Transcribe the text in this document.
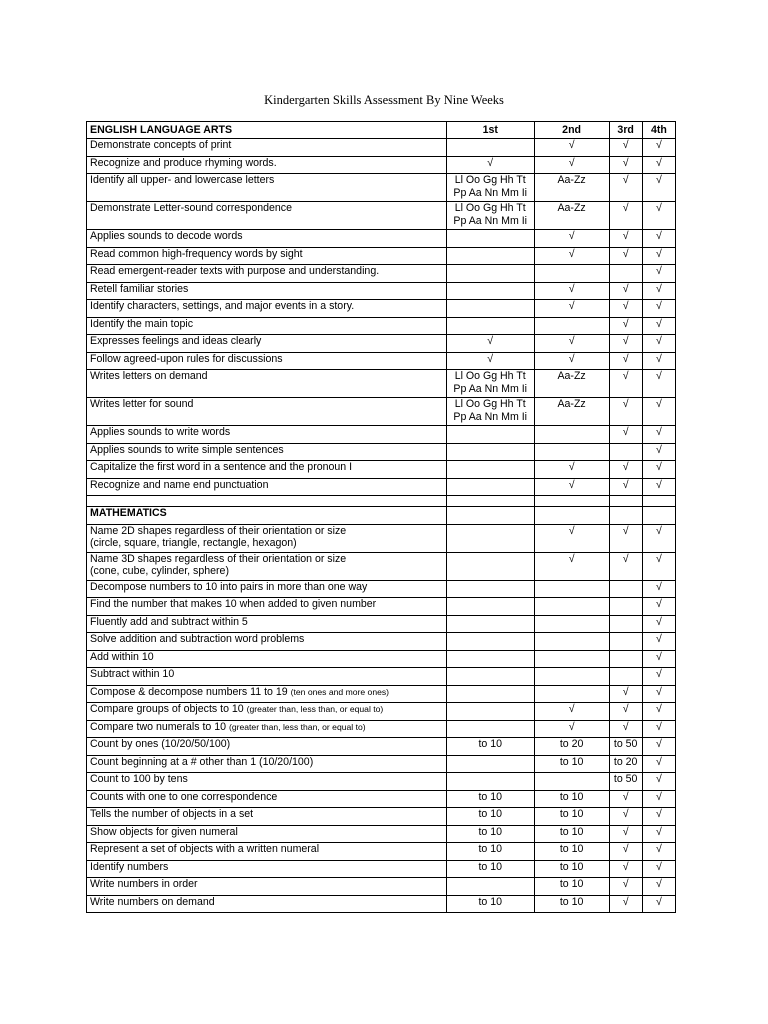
Kindergarten Skills Assessment By Nine Weeks
ENGLISH LANGUAGE ARTS	1st	2nd	3rd	4th
Demonstrate concepts of print		√	√	√

Recognize and produce rhyming words.	√	√	√	√

Identify all upper- and lowercase letters	Ll Oo Gg Hh Tt
Pp Aa Nn Mm Ii	Aa-Zz	√	√

Demonstrate Letter-sound correspondence	Ll Oo Gg Hh Tt
Pp Aa Nn Mm Ii	Aa-Zz	√	√

Applies sounds to decode words		√	√	√

Read common high-frequency words by sight		√	√	√

Read emergent-reader texts with purpose and understanding.				√

Retell familiar stories		√	√	√

Identify characters, settings, and major events in a story.		√	√	√

Identify the main topic			√	√

Expresses feelings and ideas clearly	√	√	√	√

Follow agreed-upon rules for discussions	√	√	√	√

Writes letters on demand	Ll Oo Gg Hh Tt
Pp Aa Nn Mm Ii	Aa-Zz	√	√

Writes letter for sound	Ll Oo Gg Hh Tt
Pp Aa Nn Mm Ii	Aa-Zz	√	√

Applies sounds to write words			√	√

Applies sounds to write simple sentences				√

Capitalize the first word in a sentence and the pronoun I		√	√	√

Recognize and name end punctuation		√	√	√

MATHEMATICS				

Name 2D shapes regardless of their orientation or size
(circle, square, triangle, rectangle, hexagon)		√	√	√

Name 3D shapes regardless of their orientation or size
(cone, cube, cylinder, sphere)		√	√	√

Decompose numbers to 10 into pairs in more than one way				√

Find the number that makes 10 when added to given number				√

Fluently add and subtract within 5				√

Solve addition and subtraction word problems				√

Add within 10				√

Subtract within 10				√

Compose & decompose numbers 11 to 19 (ten ones and more ones)			√	√

Compare groups of objects to 10 (greater than, less than, or equal to)		√	√	√

Compare two numerals to 10 (greater than, less than, or equal to)		√	√	√

Count by ones (10/20/50/100)	to 10	to 20	to 50	√

Count beginning at a # other than 1 (10/20/100)		to 10	to 20	√

Count to 100 by tens			to 50	√

Counts with one to one correspondence	to 10	to 10	√	√

Tells the number of objects in a set	to 10	to 10	√	√

Show objects for given numeral	to 10	to 10	√	√

Represent a set of objects with a written numeral	to 10	to 10	√	√

Identify numbers	to 10	to 10	√	√

Write numbers in order		to 10	√	√

Write numbers on demand	to 10	to 10	√	√
